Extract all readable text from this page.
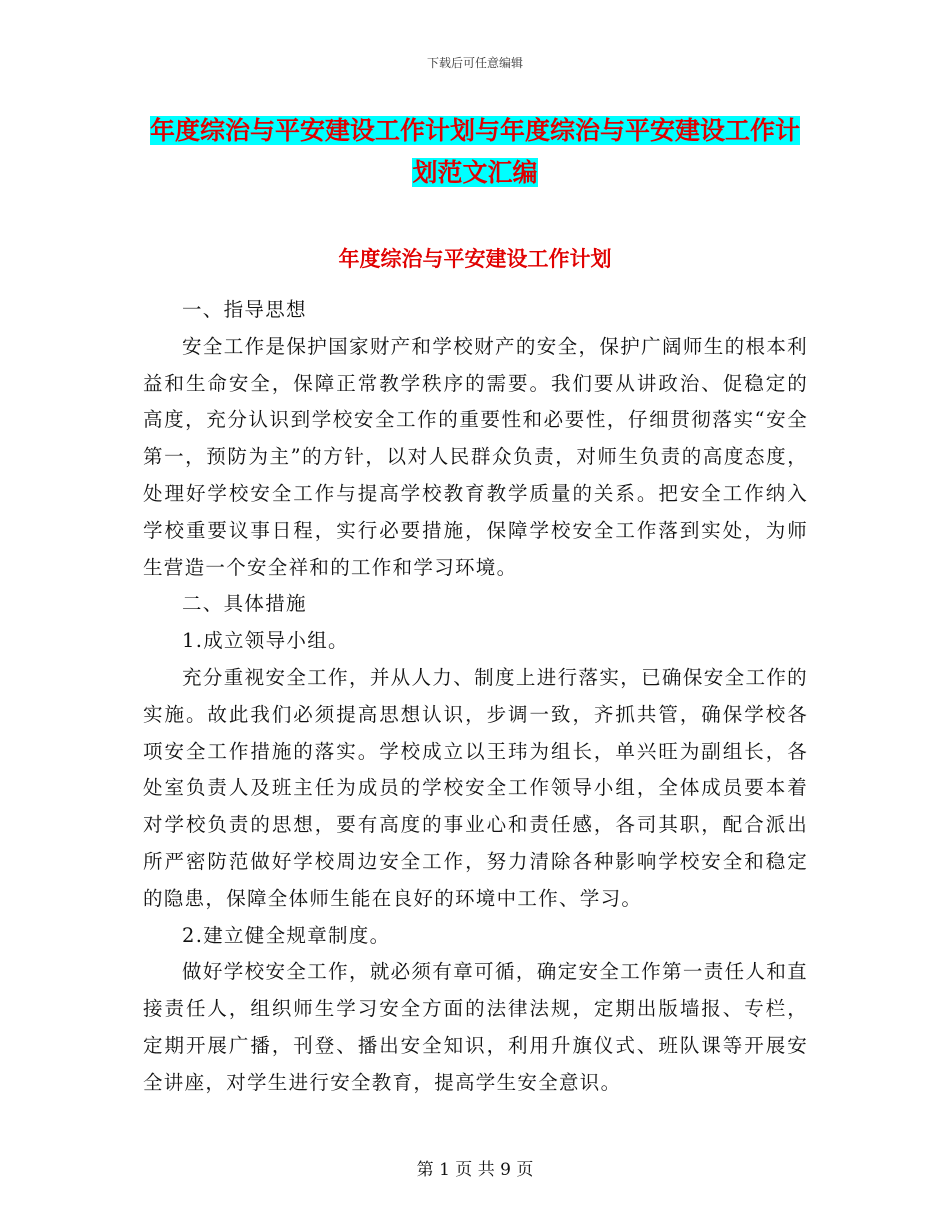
下载后可任意编辑
年度综治与平安建设工作计划与年度综治与平安建设工作计划范文汇编
年度综治与平安建设工作计划

一、指导思想

安全工作是保护国家财产和学校财产的安全，保护广阔师生的根本利益和生命安全，保障正常教学秩序的需要。我们要从讲政治、促稳定的高度，充分认识到学校安全工作的重要性和必要性，仔细贯彻落实“安全第一，预防为主”的方针，以对人民群众负责，对师生负责的高度态度，处理好学校安全工作与提高学校教育教学质量的关系。把安全工作纳入学校重要议事日程，实行必要措施，保障学校安全工作落到实处，为师生营造一个安全祥和的工作和学习环境。

二、具体措施

1.成立领导小组。

充分重视安全工作，并从人力、制度上进行落实，已确保安全工作的实施。故此我们必须提高思想认识，步调一致，齐抓共管，确保学校各项安全工作措施的落实。学校成立以王玮为组长，单兴旺为副组长，各处室负责人及班主任为成员的学校安全工作领导小组，全体成员要本着对学校负责的思想，要有高度的事业心和责任感，各司其职，配合派出所严密防范做好学校周边安全工作，努力清除各种影响学校安全和稳定的隐患，保障全体师生能在良好的环境中工作、学习。

2.建立健全规章制度。

做好学校安全工作，就必须有章可循，确定安全工作第一责任人和直接责任人，组织师生学习安全方面的法律法规，定期出版墙报、专栏，定期开展广播，刊登、播出安全知识，利用升旗仪式、班队课等开展安全讲座，对学生进行安全教育，提高学生安全意识。

第 1 页 共 9 页
